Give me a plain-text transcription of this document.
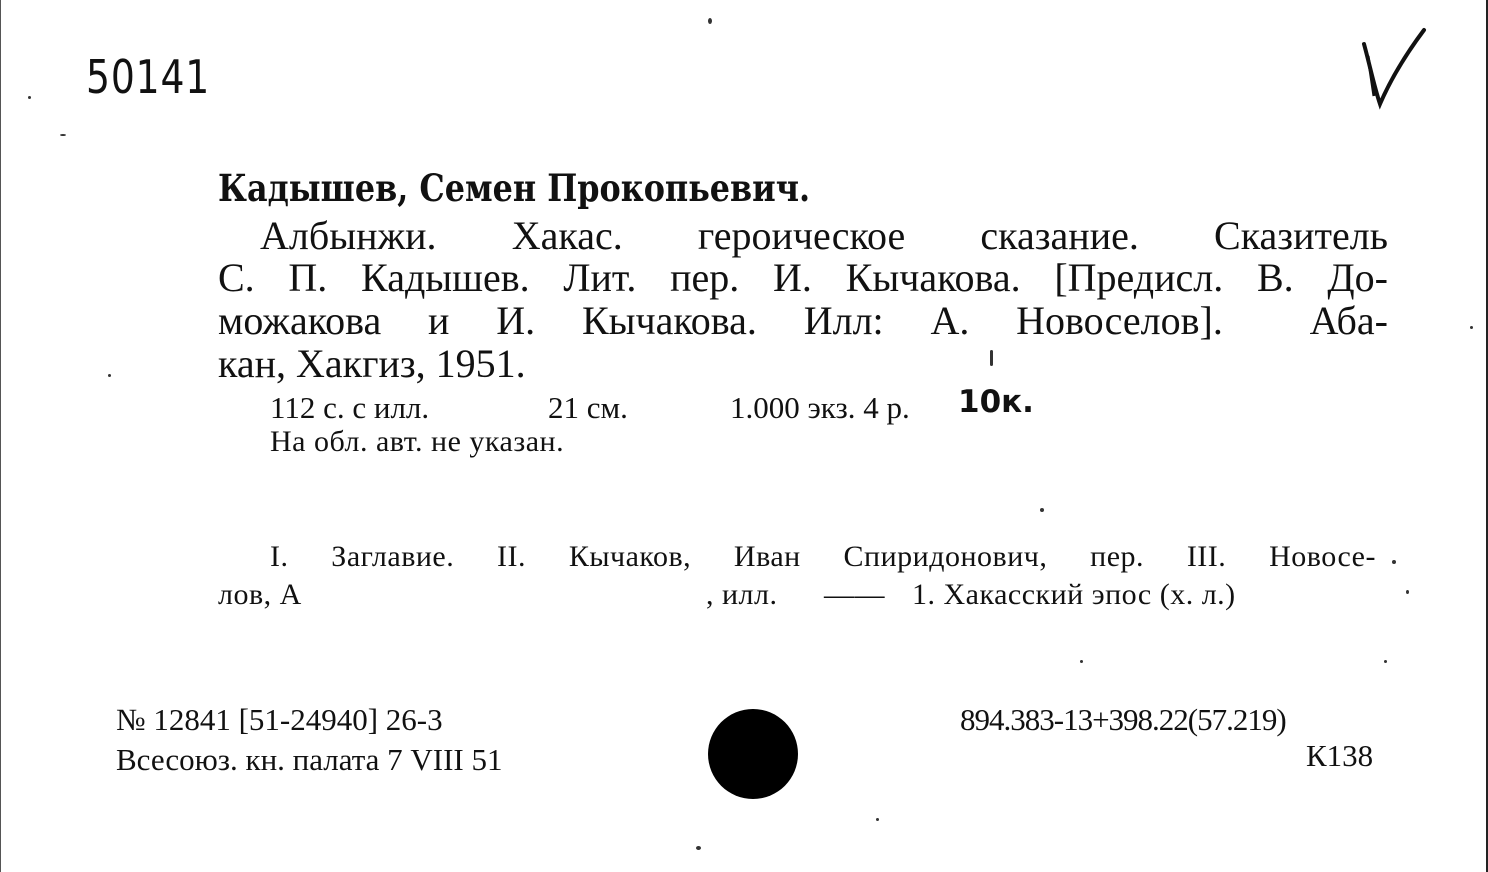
50141
Кадышев, Семен Прокопьевич.
Албынжи. Хакас. героическое сказание. Сказитель
С. П. Кадышев. Лит. пер. И. Кычакова. [Предисл. В. До-
можакова и И. Кычакова. Илл: А. Новоселов]. Аба-
кан, Хакгиз, 1951.
112 с. с илл.	21 см.	1.000 экз. 4 р. 10к.
На обл. авт. не указан.
I. Заглавие. II. Кычаков, Иван Спиридонович, пер. III. Новосе-
лов, А	, илл. —— 1. Хакасский эпос (х. л.)
№ 12841 [51-24940] 26-3
Всесоюз. кн. палата 7 VIII 51
894.383-13+398.22(57.219)
К138
